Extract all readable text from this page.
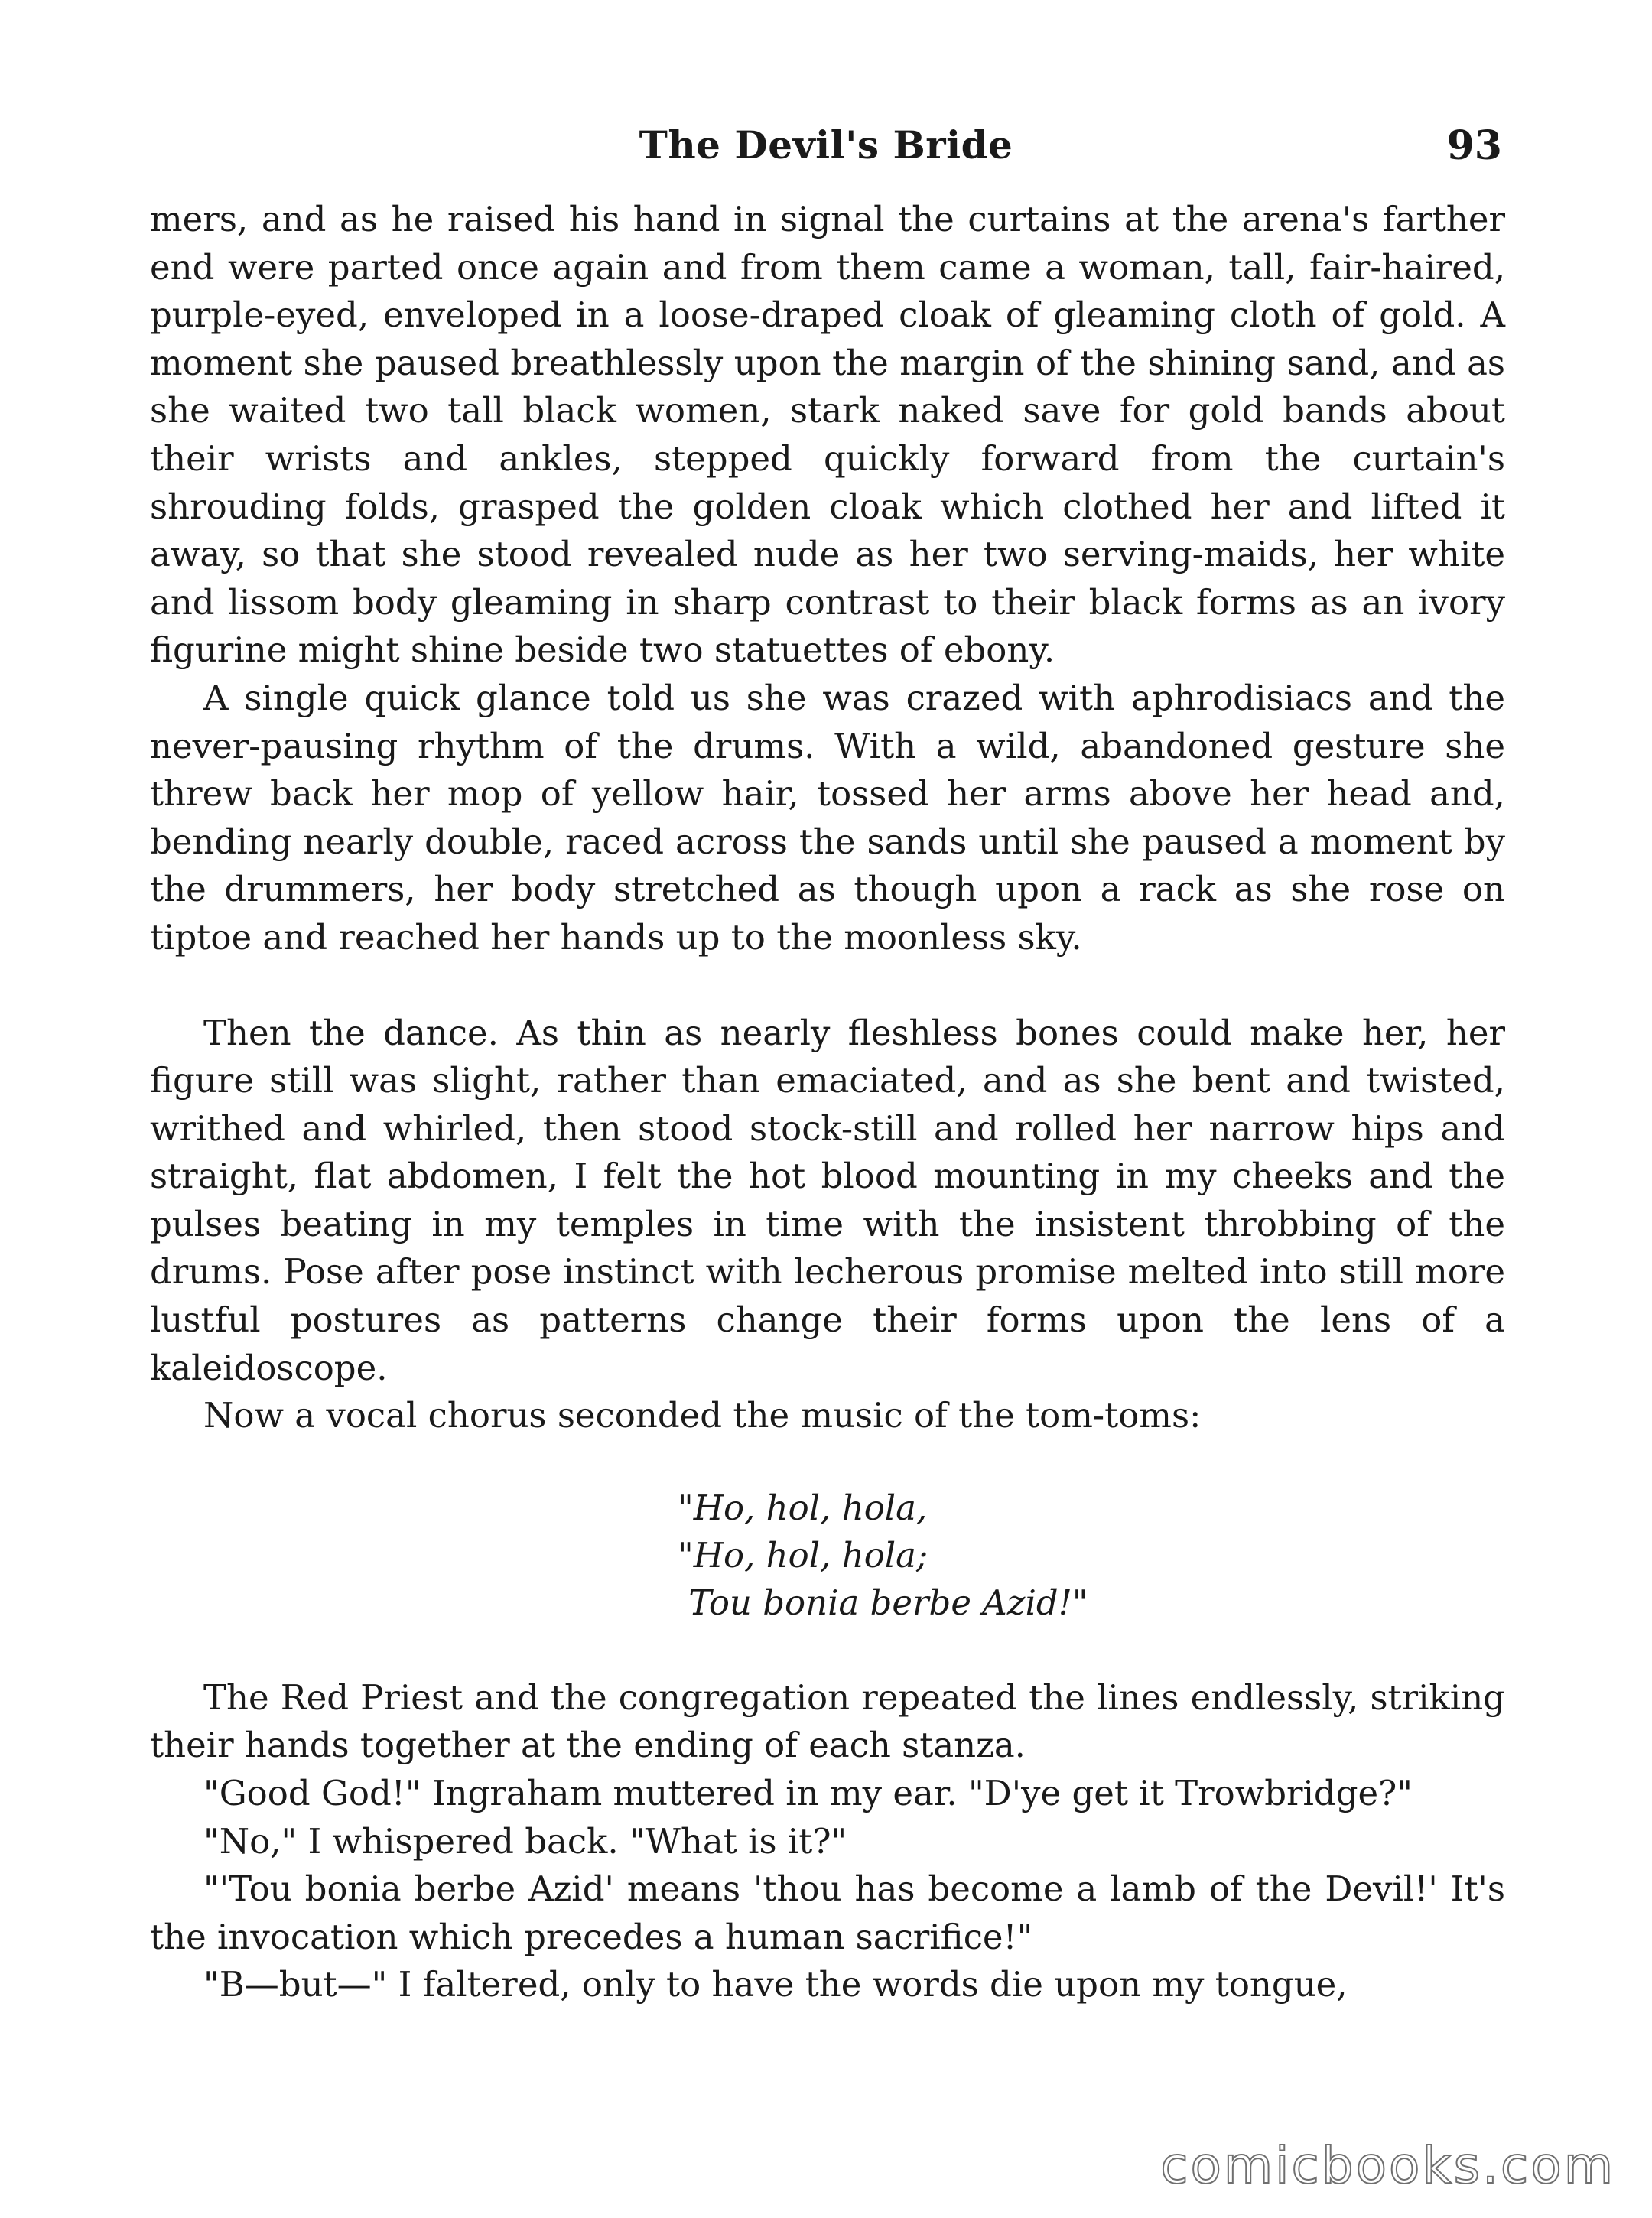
The Devil's Bride	93

mers, and as he raised his hand in signal the curtains at the arena's farther end were parted once again and from them came a woman, tall, fair-haired, purple-eyed, enveloped in a loose-draped cloak of gleaming cloth of gold. A moment she paused breathlessly upon the margin of the shining sand, and as she waited two tall black women, stark naked save for gold bands about their wrists and ankles, stepped quickly forward from the curtain's shrouding folds, grasped the golden cloak which clothed her and lifted it away, so that she stood revealed nude as her two serving-maids, her white and lissom body gleaming in sharp contrast to their black forms as an ivory figurine might shine beside two statuettes of ebony.

A single quick glance told us she was crazed with aphrodisiacs and the never-pausing rhythm of the drums. With a wild, abandoned gesture she threw back her mop of yellow hair, tossed her arms above her head and, bending nearly double, raced across the sands until she paused a moment by the drummers, her body stretched as though upon a rack as she rose on tiptoe and reached her hands up to the moonless sky.

Then the dance. As thin as nearly fleshless bones could make her, her figure still was slight, rather than emaciated, and as she bent and twisted, writhed and whirled, then stood stock-still and rolled her narrow hips and straight, flat abdomen, I felt the hot blood mounting in my cheeks and the pulses beating in my temples in time with the insistent throbbing of the drums. Pose after pose instinct with lecherous promise melted into still more lustful postures as patterns change their forms upon the lens of a kaleidoscope.

Now a vocal chorus seconded the music of the tom-toms:

"Ho, hol, hola,
"Ho, hol, hola;
Tou bonia berbe Azid!"

The Red Priest and the congregation repeated the lines endlessly, striking their hands together at the ending of each stanza.

"Good God!" Ingraham muttered in my ear. "D'ye get it Trowbridge?"

"No," I whispered back. "What is it?"

"'Tou bonia berbe Azid' means 'thou has become a lamb of the Devil!' It's the invocation which precedes a human sacrifice!"

"B—but—" I faltered, only to have the words die upon my tongue,

comicbooks.com
